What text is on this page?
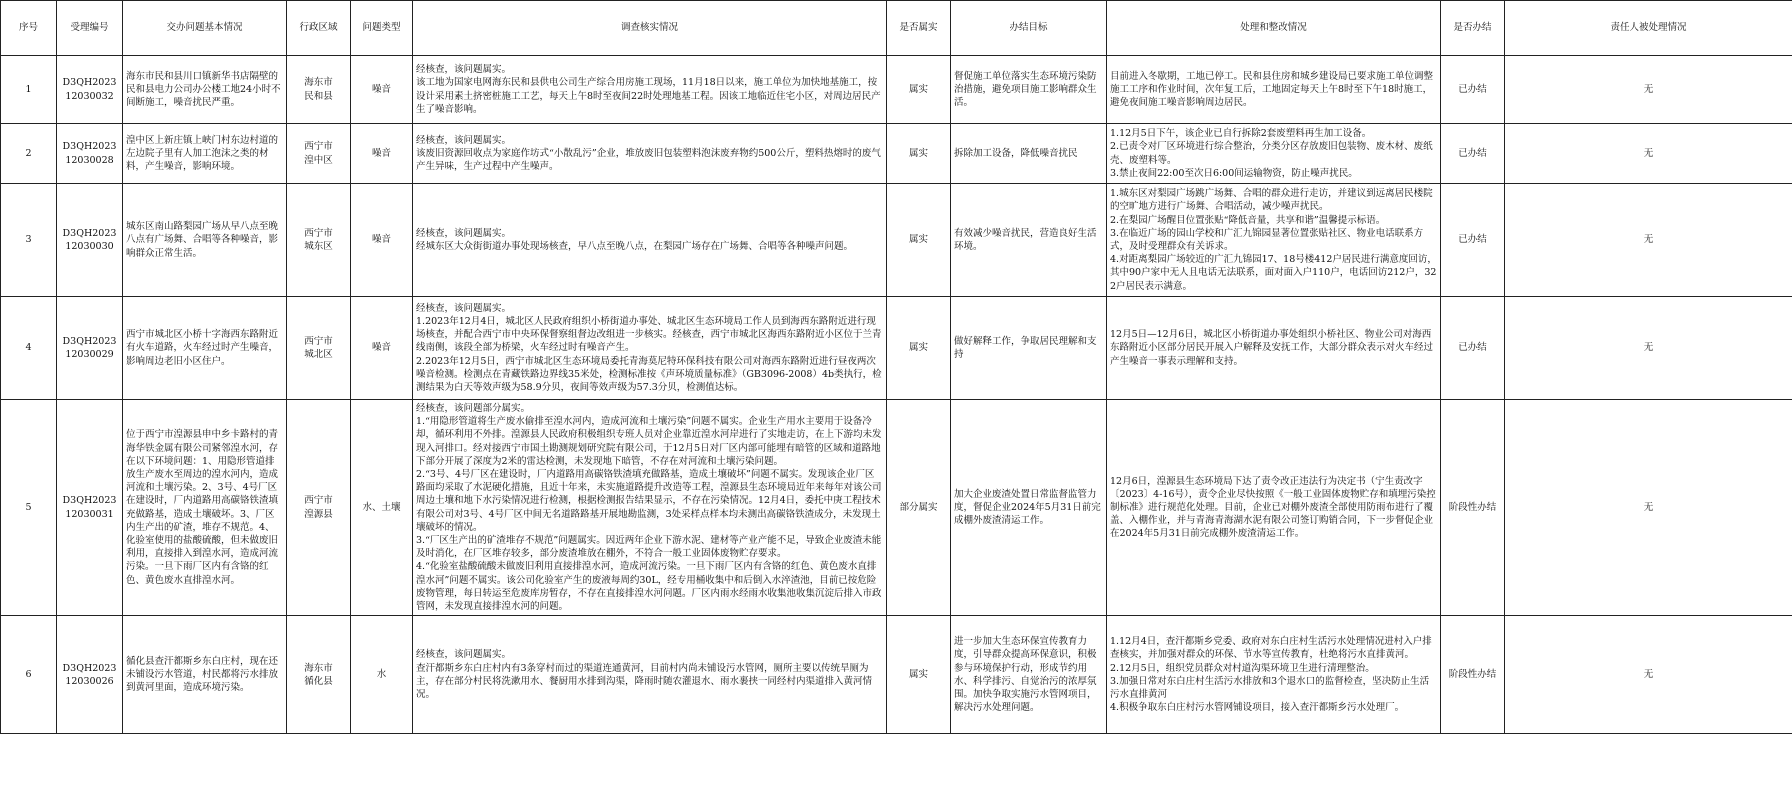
序号	受理编号	交办问题基本情况	行政区域	问题类型	调查核实情况	是否属实	办结目标	处理和整改情况	是否办结	责任人被处理情况
1	D3QH202312030032	海东市民和县川口镇新华书店隔壁的民和县电力公司办公楼工地24小时不间断施工，噪音扰民严重。	海东市
民和县	噪音	经核查，该问题属实。
该工地为国家电网海东民和县供电公司生产综合用房施工现场，11月18日以来，施工单位为加快地基施工，按设计采用素土挤密桩施工工艺，每天上午8时至夜间22时处理地基工程。因该工地临近住宅小区，对周边居民产生了噪音影响。	属实	督促施工单位落实生态环境污染防治措施，避免项目施工影响群众生活。	目前进入冬歇期，工地已停工。民和县住房和城乡建设局已要求施工单位调整施工工序和作业时间，次年复工后，工地固定每天上午8时至下午18时施工，避免夜间施工噪音影响周边居民。	已办结	无
2	D3QH202312030028	湟中区上新庄镇上峡门村东边村道的左边院子里有人加工泡沫之类的材料，产生噪音，影响环境。	西宁市
湟中区	噪音	经核查，该问题属实。
该废旧资源回收点为家庭作坊式“小散乱污”企业，堆放废旧包装塑料泡沫废弃物约500公斤，塑料热熔时的废气产生异味，生产过程中产生噪声。	属实	拆除加工设备，降低噪音扰民	1.12月5日下午，该企业已自行拆除2套废塑料再生加工设备。
2.已责令对厂区环境进行综合整治，分类分区存放废旧包装物、废木材、废纸壳、废塑料等。
3.禁止夜间22:00至次日6:00间运输物资，防止噪声扰民。	已办结	无
3	D3QH202312030030	城东区南山路梨园广场从早八点至晚八点有广场舞、合唱等各种噪音，影响群众正常生活。	西宁市
城东区	噪音	经核查，该问题属实。
经城东区大众街街道办事处现场核查，早八点至晚八点，在梨园广场存在广场舞、合唱等各种噪声问题。	属实	有效减少噪音扰民，营造良好生活环境。	1.城东区对梨园广场跳广场舞、合唱的群众进行走访，并建议到远离居民楼院的空旷地方进行广场舞、合唱活动，减少噪声扰民。
2.在梨园广场醒目位置张贴“降低音量，共享和谐”温馨提示标语。
3.在临近广场的园山学校和广汇九锦园显著位置张贴社区、物业电话联系方式，及时受理群众有关诉求。
4.对距离梨园广场较近的广汇九锦园17、18号楼412户居民进行满意度回访，其中90户家中无人且电话无法联系，面对面入户110户，电话回访212户，322户居民表示满意。	已办结	无
4	D3QH202312030029	西宁市城北区小桥十字海西东路附近有火车道路，火车经过时产生噪音，影响周边老旧小区住户。	西宁市
城北区	噪音	经核查，该问题属实。
1.2023年12月4日，城北区人民政府组织小桥街道办事处、城北区生态环境局工作人员到海西东路附近进行现场核查，并配合西宁市中央环保督察组督边改组进一步核实。经核查，西宁市城北区海西东路附近小区位于兰青线南侧，该段全部为桥梁，火车经过时有噪音产生。
2.2023年12月5日，西宁市城北区生态环境局委托青海莫尼特环保科技有限公司对海西东路附近进行昼夜两次噪音检测。检测点在青藏铁路边界线35米处，检测标准按《声环境质量标准》（GB3096-2008）4b类执行，检测结果为白天等效声级为58.9分贝，夜间等效声级为57.3分贝，检测值达标。	属实	做好解释工作，争取居民理解和支持	12月5日—12月6日，城北区小桥街道办事处组织小桥社区、物业公司对海西东路附近小区部分居民开展入户解释及安抚工作，大部分群众表示对火车经过产生噪音一事表示理解和支持。	已办结	无
5	D3QH202312030031	位于西宁市湟源县申中乡卡路村的青海华铁金属有限公司紧邻湟水河，存在以下环境问题：1、用隐形管道排放生产废水至周边的湟水河内，造成河流和土壤污染。2、3号、4号厂区在建设时，厂内道路用高碳铬铁渣填充做路基，造成土壤破坏。3、厂区内生产出的矿渣，堆存不规范。4、化验室使用的盐酸硫酸，但未做废旧利用，直接排入到湟水河，造成河流污染。一旦下雨厂区内有含铬的红色、黄色废水直排湟水河。	西宁市
湟源县	水、土壤	经核查，该问题部分属实。
1.“用隐形管道将生产废水偷排至湟水河内，造成河流和土壤污染”问题不属实。企业生产用水主要用于设备冷却，循环利用不外排。湟源县人民政府积极组织专班人员对企业靠近湟水河岸进行了实地走访，在上下游均未发现入河排口。经对接西宁市国土勘测规划研究院有限公司，于12月5日对厂区内部可能埋有暗管的区域和道路地下部分开展了深度为2米的雷达检测，未发现地下暗管，不存在对河流和土壤污染问题。
2.“3号、4号厂区在建设时，厂内道路用高碳铬铁渣填充做路基，造成土壤破坏”问题不属实。发现该企业厂区路面均采取了水泥硬化措施，且近十年来，未实施道路提升改造等工程，湟源县生态环境局近年来每年对该公司周边土壤和地下水污染情况进行检测，根据检测报告结果显示，不存在污染情况。12月4日，委托中庚工程技术有限公司对3号、4号厂区中间无名道路路基开展地勘监测，3处采样点样本均未测出高碳铬铁渣成分，未发现土壤破坏的情况。
3.“厂区生产出的矿渣堆存不规范”问题属实。因近两年企业下游水泥、建材等产业产能不足，导致企业废渣未能及时消化，在厂区堆存较多，部分废渣堆放在棚外，不符合一般工业固体废物贮存要求。
4.“化验室盐酸硫酸未做废旧利用直接排湟水河，造成河流污染。一旦下雨厂区内有含铬的红色、黄色废水直排湟水河”问题不属实。该公司化验室产生的废液每周约30L，经专用桶收集中和后倒入水淬渣池，目前已按危险废物管理，每日转运至危废库房暂存，不存在直接排湟水河问题。厂区内雨水经雨水收集池收集沉淀后排入市政管网，未发现直接排湟水河的问题。	部分属实	加大企业废渣处置日常监督监管力度，督促企业2024年5月31日前完成棚外废渣清运工作。	12月6日，湟源县生态环境局下达了责令改正违法行为决定书（宁生责改字〔2023〕4-16号），责令企业尽快按照《一般工业固体废物贮存和填埋污染控制标准》进行规范化处理。目前，企业已对棚外废渣全部使用防雨布进行了覆盖、入棚作业，并与青海青海湖水泥有限公司签订购销合同，下一步督促企业在2024年5月31日前完成棚外废渣清运工作。	阶段性办结	无
6	D3QH202312030026	循化县查汗都斯乡东白庄村，现在还未铺设污水管道，村民都将污水排放到黄河里面，造成环境污染。	海东市
循化县	水	经核查，该问题属实。
查汗都斯乡东白庄村内有3条穿村而过的渠道连通黄河，目前村内尚未铺设污水管网，厕所主要以传统旱厕为主，存在部分村民将洗漱用水、餐厨用水排到沟渠，降雨时随农灌退水、雨水裹挟一同经村内渠道排入黄河情况。	属实	进一步加大生态环保宣传教育力度，引导群众提高环保意识，积极参与环境保护行动，形成节约用水、科学排污、自觉治污的浓厚氛围。加快争取实施污水管网项目，解决污水处理问题。	1.12月4日，查汗都斯乡党委、政府对东白庄村生活污水处理情况进村入户排查核实，并加强对群众的环保、节水等宣传教育，杜绝将污水直排黄河。
2.12月5日，组织党员群众对村道沟渠环境卫生进行清理整治。
3.加强日常对东白庄村生活污水排放和3个退水口的监督检查，坚决防止生活污水直排黄河
4.积极争取东白庄村污水管网铺设项目，接入查汗都斯乡污水处理厂。	阶段性办结	无
